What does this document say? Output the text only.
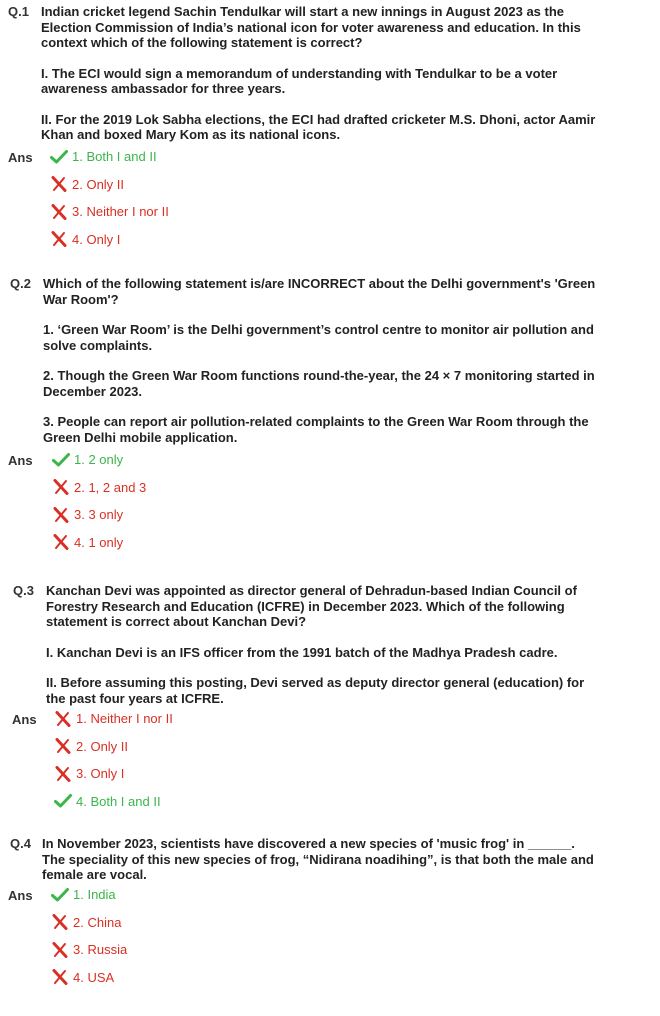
Q.1 Indian cricket legend Sachin Tendulkar will start a new innings in August 2023 as the Election Commission of India’s national icon for voter awareness and education. In this context which of the following statement is correct?

I. The ECI would sign a memorandum of understanding with Tendulkar to be a voter awareness ambassador for three years.

II. For the 2019 Lok Sabha elections, the ECI had drafted cricketer M.S. Dhoni, actor Aamir Khan and boxed Mary Kom as its national icons.

Ans	1. Both I and II
2. Only II
3. Neither I nor II
4. Only I
Q.2 Which of the following statement is/are INCORRECT about the Delhi government's 'Green War Room'?

1. ‘Green War Room’ is the Delhi government’s control centre to monitor air pollution and solve complaints.

2. Though the Green War Room functions round-the-year, the 24 × 7 monitoring started in December 2023.

3. People can report air pollution-related complaints to the Green War Room through the Green Delhi mobile application.

Ans	1. 2 only
2. 1, 2 and 3
3. 3 only
4. 1 only
Q.3 Kanchan Devi was appointed as director general of Dehradun-based Indian Council of Forestry Research and Education (ICFRE) in December 2023. Which of the following statement is correct about Kanchan Devi?

I. Kanchan Devi is an IFS officer from the 1991 batch of the Madhya Pradesh cadre.

II. Before assuming this posting, Devi served as deputy director general (education) for the past four years at ICFRE.

Ans	1. Neither I nor II
2. Only II
3. Only I
4. Both I and II
Q.4 In November 2023, scientists have discovered a new species of 'music frog' in ______. The speciality of this new species of frog, “Nidirana noadihing”, is that both the male and female are vocal.

Ans	1. India
2. China
3. Russia
4. USA
